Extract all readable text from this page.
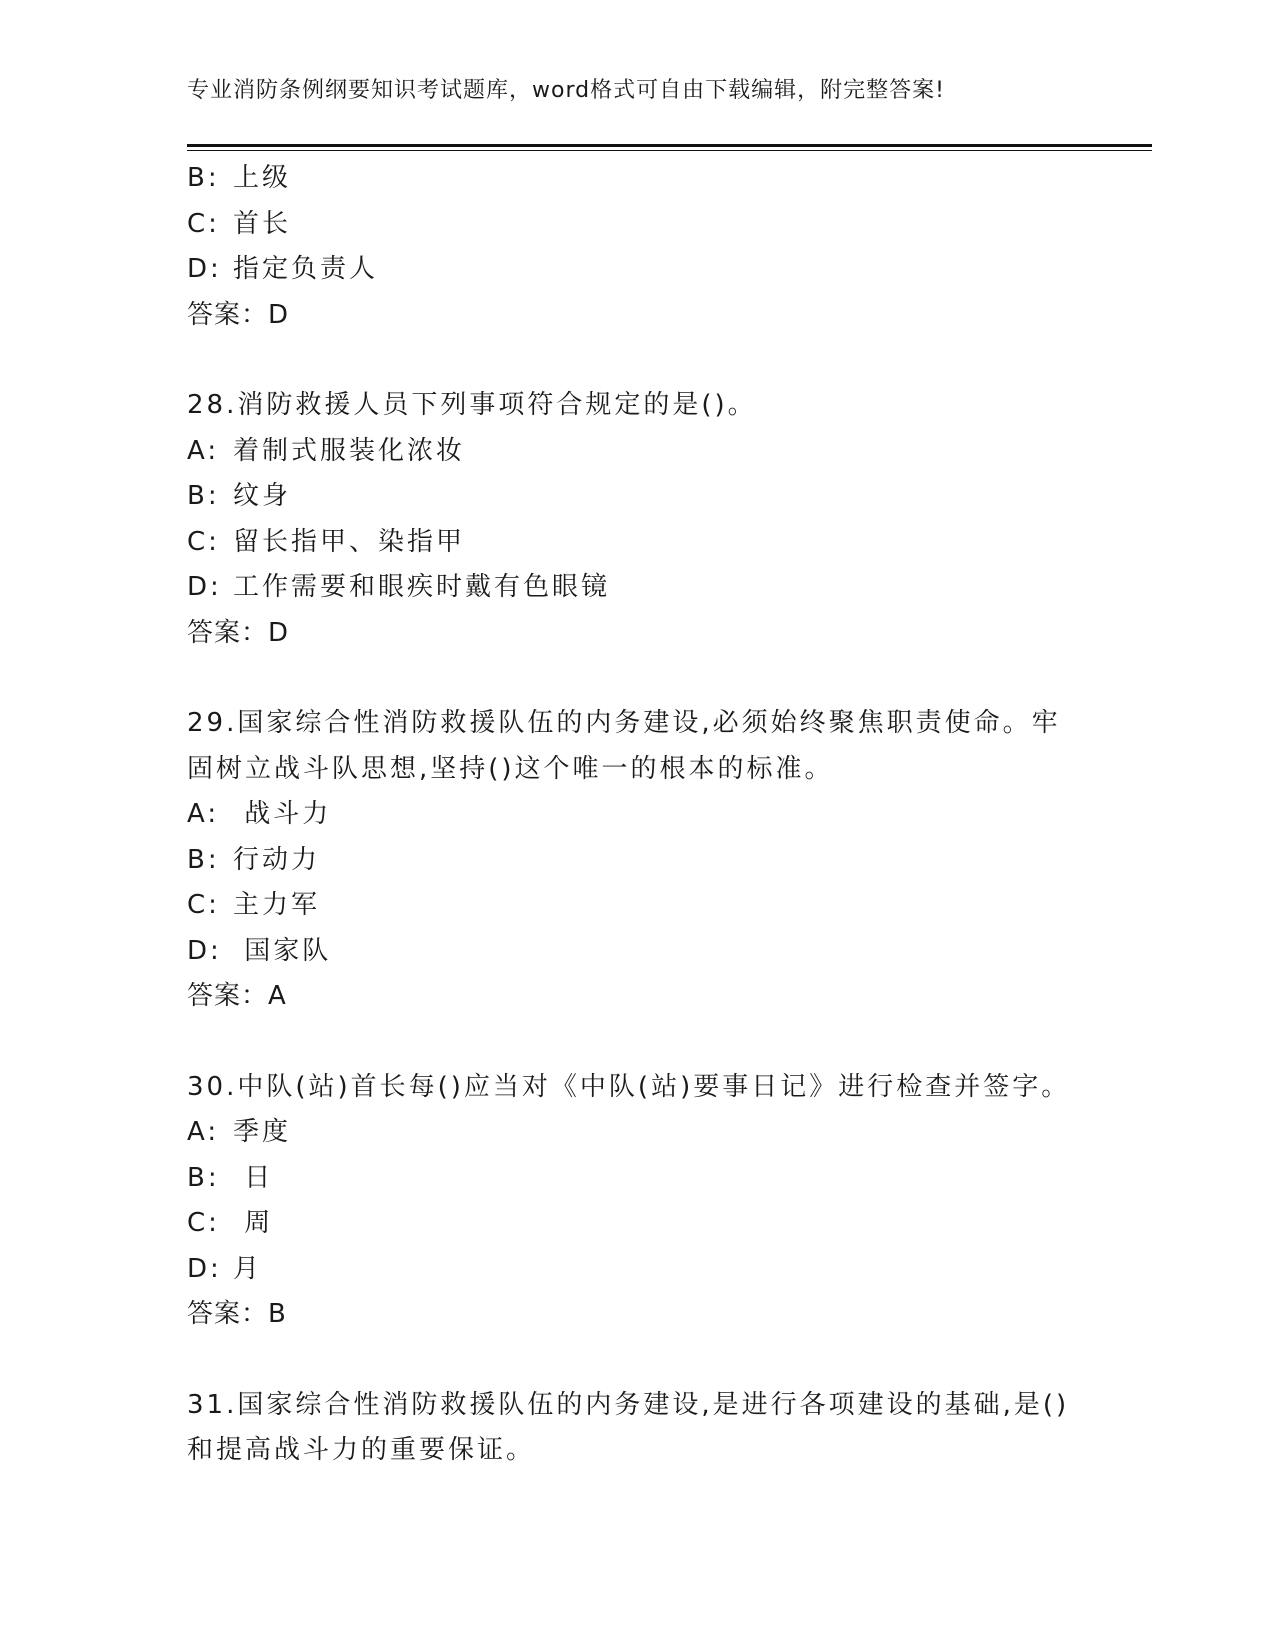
专业消防条例纲要知识考试题库，word格式可自由下载编辑，附完整答案!
B: 上级
C: 首长
D: 指定负责人
答案：D
28.消防救援人员下列事项符合规定的是()。
A: 着制式服装化浓妆
B: 纹身
C: 留长指甲、染指甲
D: 工作需要和眼疾时戴有色眼镜
答案：D
29.国家综合性消防救援队伍的内务建设,必须始终聚焦职责使命。牢
固树立战斗队思想,坚持()这个唯一的根本的标准。
A: 战斗力
B: 行动力
C: 主力军
D: 国家队
答案：A
30.中队(站)首长每()应当对《中队(站)要事日记》进行检查并签字。
A: 季度
B: 日
C: 周
D: 月
答案：B
31.国家综合性消防救援队伍的内务建设,是进行各项建设的基础,是()
和提高战斗力的重要保证。
